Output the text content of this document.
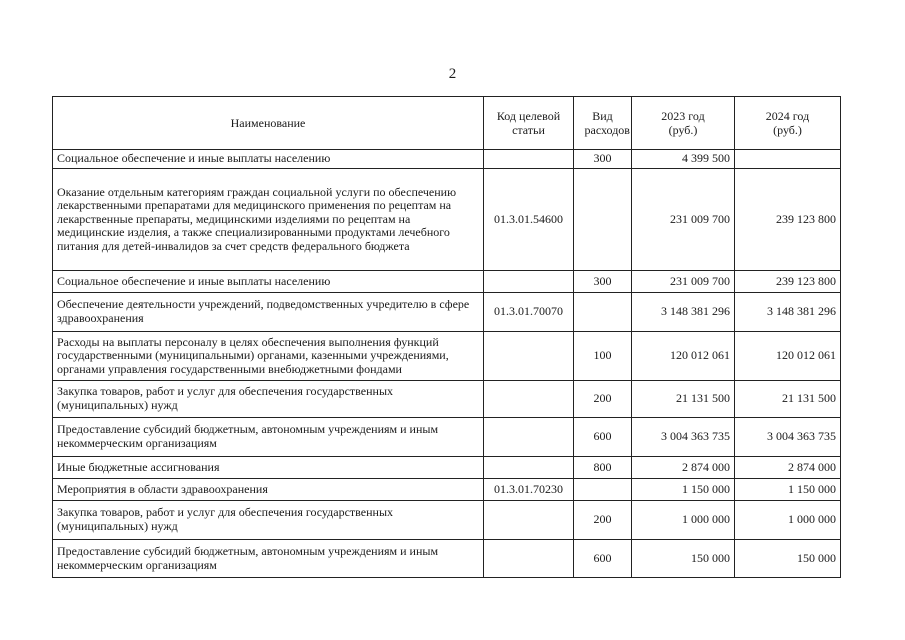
2
Наименование	Код целевой статьи	Вид расходов	2023 год (руб.)	2024 год (руб.)

Социальное обеспечение и иные выплаты населению		300	4 399 500	
Оказание отдельным категориям граждан социальной услуги по обеспечению лекарственными препаратами для медицинского применения по рецептам на лекарственные препараты, медицинскими изделиями по рецептам на медицинские изделия, а также специализированными продуктами лечебного питания для детей-инвалидов за счет средств федерального бюджета	01.3.01.54600		231 009 700	239 123 800
Социальное обеспечение и иные выплаты населению		300	231 009 700	239 123 800
Обеспечение деятельности учреждений, подведомственных учредителю в сфере здравоохранения	01.3.01.70070		3 148 381 296	3 148 381 296
Расходы на выплаты персоналу в целях обеспечения выполнения функций государственными (муниципальными) органами, казенными учреждениями, органами управления государственными внебюджетными фондами		100	120 012 061	120 012 061
Закупка товаров, работ и услуг для обеспечения государственных (муниципальных) нужд		200	21 131 500	21 131 500
Предоставление субсидий бюджетным, автономным учреждениям и иным некоммерческим организациям		600	3 004 363 735	3 004 363 735
Иные бюджетные ассигнования		800	2 874 000	2 874 000
Мероприятия в области здравоохранения	01.3.01.70230		1 150 000	1 150 000
Закупка товаров, работ и услуг для обеспечения государственных (муниципальных) нужд		200	1 000 000	1 000 000
Предоставление субсидий бюджетным, автономным учреждениям и иным некоммерческим организациям		600	150 000	150 000
